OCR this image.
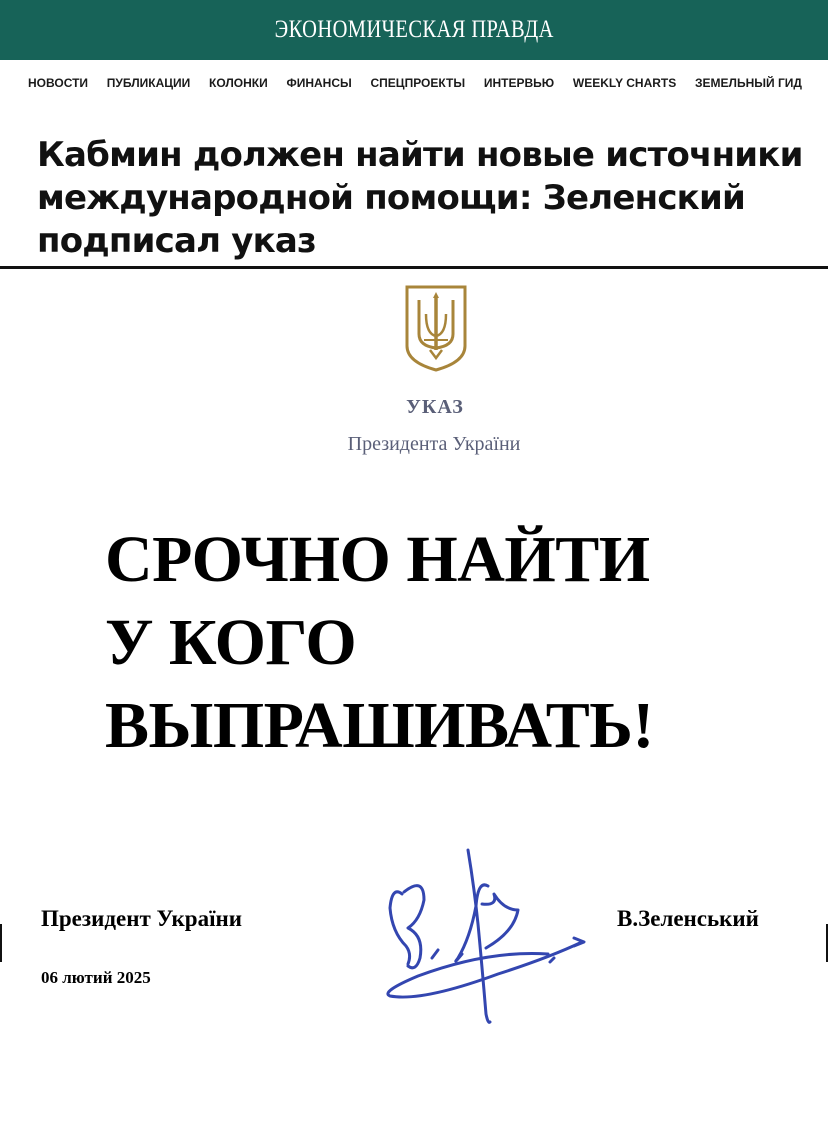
ЭКОНОМИЧЕСКАЯ ПРАВДА
НОВОСТИ ПУБЛИКАЦИИ КОЛОНКИ ФИНАНСЫ СПЕЦПРОЕКТЫ ИНТЕРВЬЮ WEEKLY CHARTS ЗЕМЕЛЬНЫЙ ГИД
Кабмин должен найти новые источники международной помощи: Зеленский подписал указ
УКАЗ
Президента України
СРОЧНО НАЙТИ
У КОГО
ВЫПРАШИВАТЬ!
Президент України
06 лютий 2025
В.Зеленський
